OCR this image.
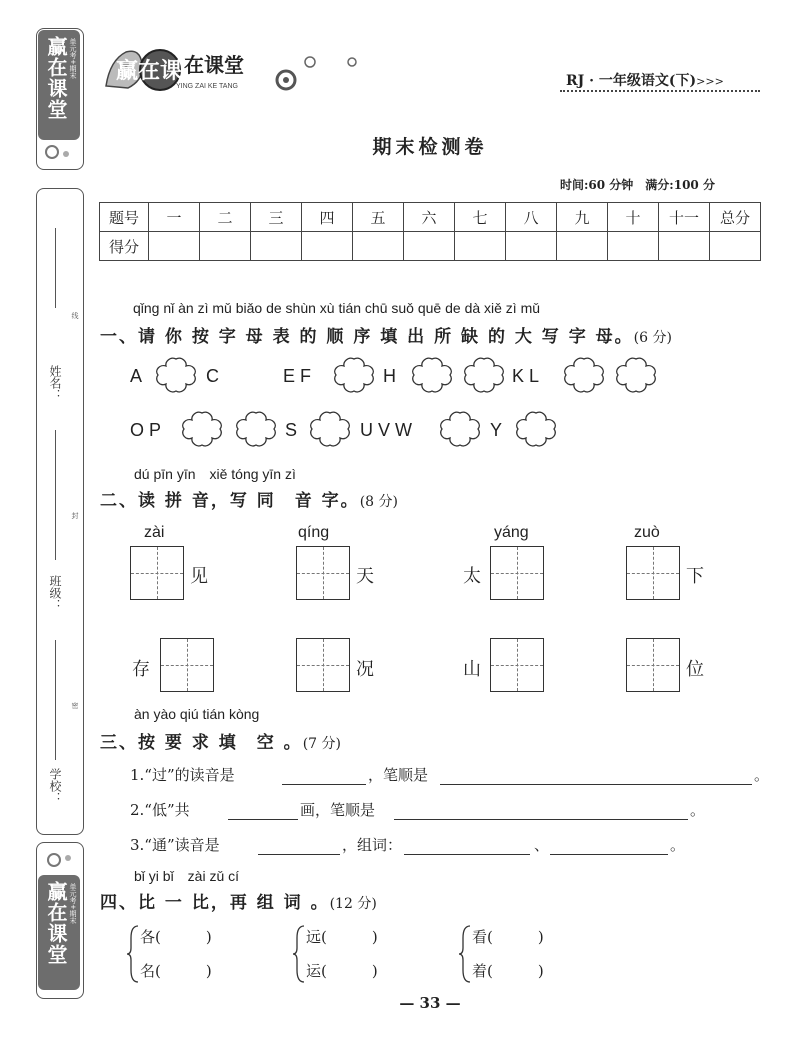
赢在课堂 单元考+期末
姓名：
线
封
班级：
密
学校：
赢在课堂 单元考+期末
赢在课堂
在课堂
YING ZAI KE TANG	RJ · 一年级语文(下)>>>
期末检测卷
时间:60 分钟　满分:100 分
题号	一	二	三	四	五	六	七	八	九	十	十一	总分
得分												
qǐng nǐ àn zì mǔ biǎo de shùn xù tián chū suǒ quē de dà xiě zì mǔ
一、请 你 按 字 母 表 的 顺 序 填 出 所 缺 的 大 写 字 母。(6 分)
A	C	E F	H	K L
O P	S	U V W	Y
dú pīn yīn　xiě tóng yīn zì
二、读 拼 音，写 同　音 字。(8 分)
zài	qíng	yáng	zuò
见	天	太	下
存	况	山	位
àn yào qiú tián kòng
三、按 要 求 填　空 。(7 分)
1.“过”的读音是	，笔顺是	。
2.“低”共	画，笔顺是	。
3.“通”读音是	，组词：	、	。
bǐ yi bǐ　zài zǔ cí
四、比 一 比，再 组 词 。(12 分)
各(　　　)
名(　　　)
远(　　　)
运(　　　)
看(　　　)
着(　　　)
— 33 —
